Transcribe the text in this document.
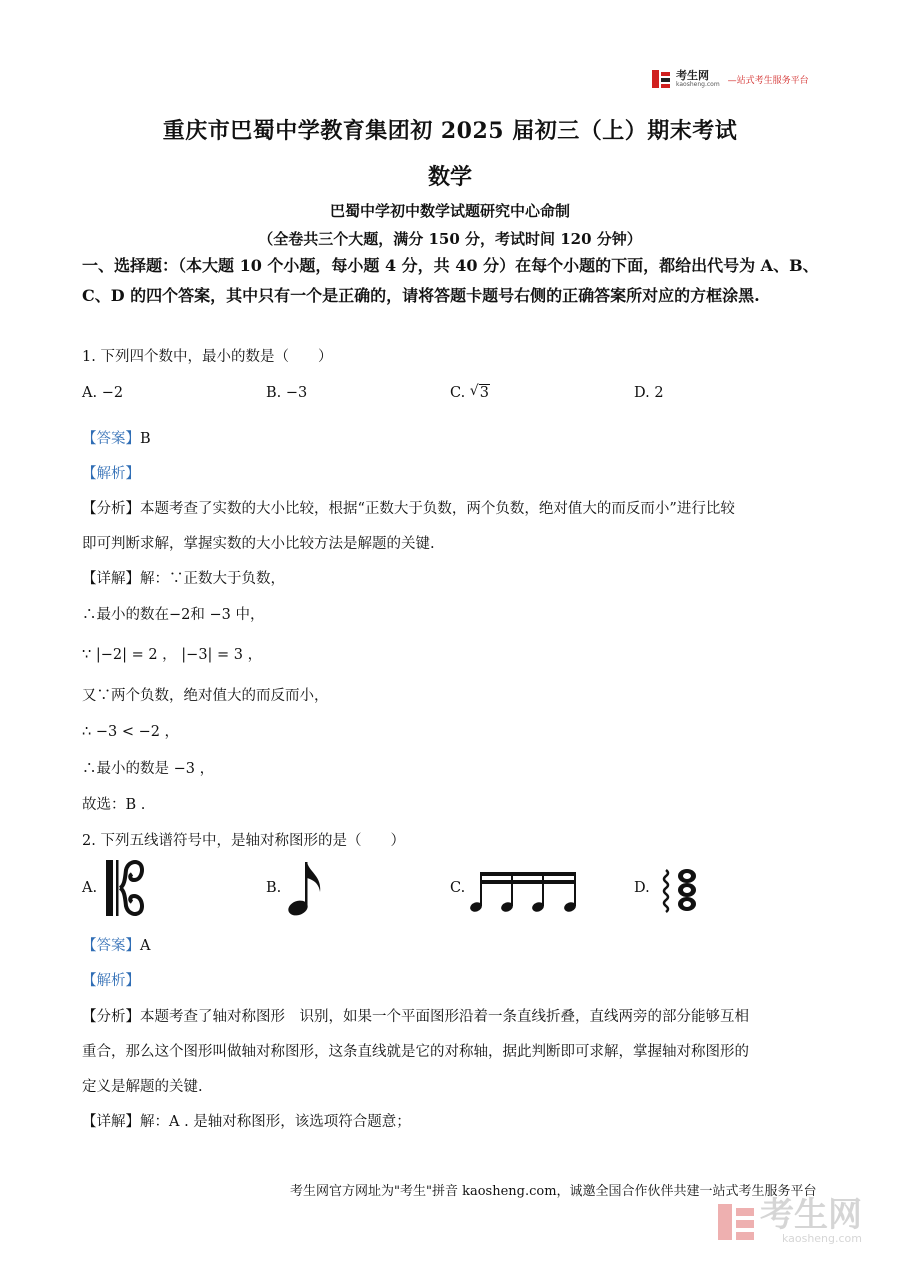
考生网
kaosheng.com —站式考生服务平台
重庆市巴蜀中学教育集团初 2025 届初三（上）期末考试
数学
巴蜀中学初中数学试题研究中心命制
（全卷共三个大题，满分 150 分，考试时间 120 分钟）
一、选择题：（本大题 10 个小题，每小题 4 分，共 40 分）在每个小题的下面，都给出代号为 A、B、C、D 的四个答案，其中只有一个是正确的，请将答题卡题号右侧的正确答案所对应的方框涂黑.
1. 下列四个数中，最小的数是（　　）
A. −2	B. −3	C. √ 3	D. 2
【答案】B
【解析】
【分析】本题考查了实数的大小比较，根据“正数大于负数，两个负数，绝对值大的而反而小”进行比较
即可判断求解，掌握实数的大小比较方法是解题的关键.
【详解】解：∵正数大于负数，
∴最小的数在−2和 −3 中，
∵ |−2| = 2 ， |−3| = 3 ，
又∵两个负数，绝对值大的而反而小，
∴ −3 < −2 ，
∴最小的数是 −3 ，
故选：B .
2. 下列五线谱符号中，是轴对称图形的是（　　）
A.	B.	C.	D.
【答案】A
【解析】
【分析】本题考查了轴对称图形　识别，如果一个平面图形沿着一条直线折叠，直线两旁的部分能够互相
重合，那么这个图形叫做轴对称图形，这条直线就是它的对称轴，据此判断即可求解，掌握轴对称图形的
定义是解题的关键.
【详解】解：A . 是轴对称图形，该选项符合题意；
考生网官方网址为"考生"拼音 kaosheng.com，诚邀全国合作伙伴共建一站式考生服务平台
考生网
kaosheng.com
